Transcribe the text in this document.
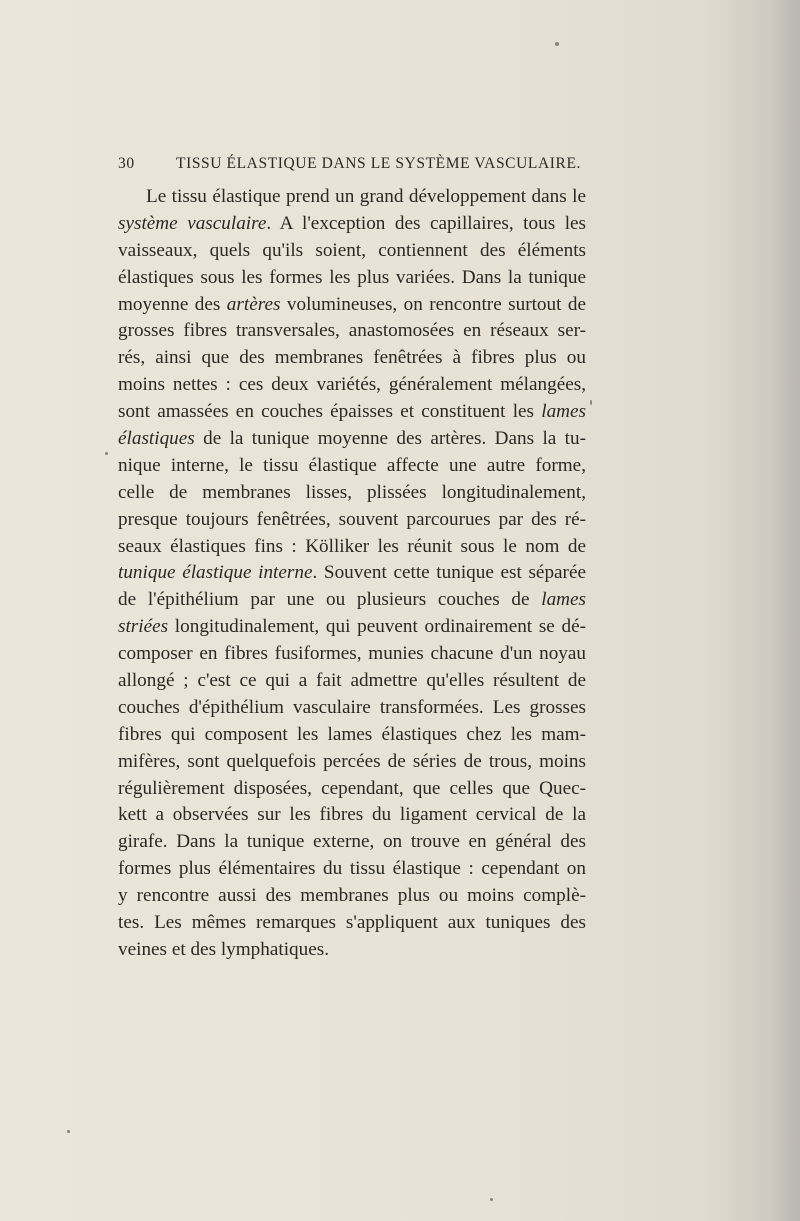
30	TISSU ÉLASTIQUE DANS LE SYSTÈME VASCULAIRE.
Le tissu élastique prend un grand développement dans le
système vasculaire. A l'exception des capillaires, tous les
vaisseaux, quels qu'ils soient, contiennent des éléments
élastiques sous les formes les plus variées. Dans la tunique
moyenne des artères volumineuses, on rencontre surtout de
grosses fibres transversales, anastomosées en réseaux ser-
rés, ainsi que des membranes fenêtrées à fibres plus ou
moins nettes : ces deux variétés, généralement mélangées,
sont amassées en couches épaisses et constituent les lames
élastiques de la tunique moyenne des artères. Dans la tu-
nique interne, le tissu élastique affecte une autre forme,
celle de membranes lisses, plissées longitudinalement,
presque toujours fenêtrées, souvent parcourues par des ré-
seaux élastiques fins : Kölliker les réunit sous le nom de
tunique élastique interne. Souvent cette tunique est séparée
de l'épithélium par une ou plusieurs couches de lames
striées longitudinalement, qui peuvent ordinairement se dé-
composer en fibres fusiformes, munies chacune d'un noyau
allongé ; c'est ce qui a fait admettre qu'elles résultent de
couches d'épithélium vasculaire transformées. Les grosses
fibres qui composent les lames élastiques chez les mam-
mifères, sont quelquefois percées de séries de trous, moins
régulièrement disposées, cependant, que celles que Quec-
kett a observées sur les fibres du ligament cervical de la
girafe. Dans la tunique externe, on trouve en général des
formes plus élémentaires du tissu élastique : cependant on
y rencontre aussi des membranes plus ou moins complè-
tes. Les mêmes remarques s'appliquent aux tuniques des
veines et des lymphatiques.
